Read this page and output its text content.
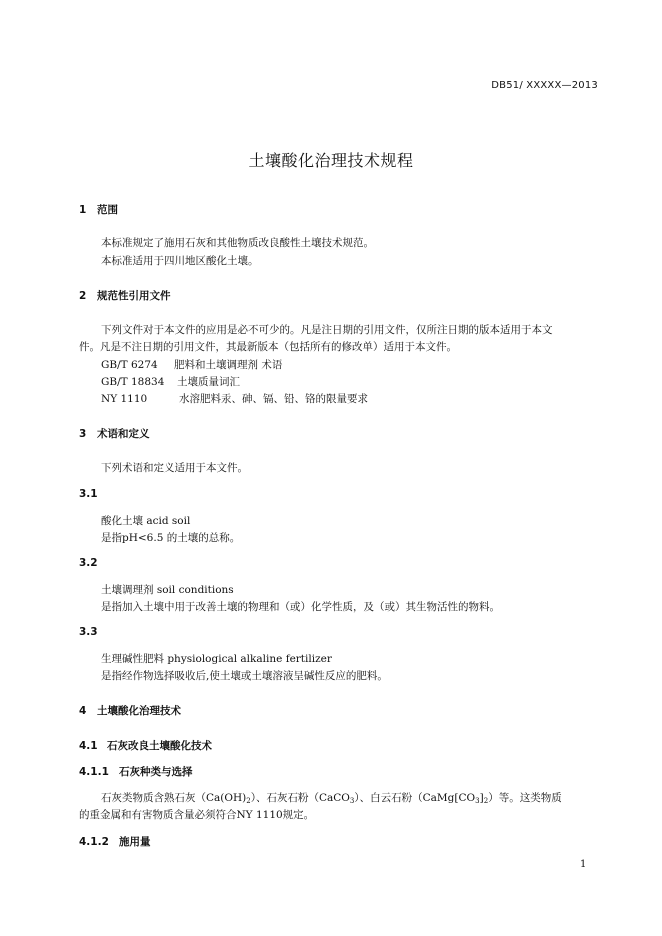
DB51/ XXXXX—2013
土壤酸化治理技术规程
1 范围
本标准规定了施用石灰和其他物质改良酸性土壤技术规范。
本标准适用于四川地区酸化土壤。
2 规范性引用文件
下列文件对于本文件的应用是必不可少的。凡是注日期的引用文件，仅所注日期的版本适用于本文
件。凡是不注日期的引用文件，其最新版本（包括所有的修改单）适用于本文件。
GB/T 6274 肥料和土壤调理剂 术语
GB/T 18834 土壤质量词汇
NY 1110	水溶肥料汞、砷、镉、铅、铬的限量要求
3 术语和定义
下列术语和定义适用于本文件。
3.1
酸化土壤 acid soil
是指pH<6.5 的土壤的总称。
3.2
土壤调理剂 soil conditions
是指加入土壤中用于改善土壤的物理和（或）化学性质，及（或）其生物活性的物料。
3.3
生理碱性肥料 physiological alkaline fertilizer
是指经作物选择吸收后,使土壤或土壤溶液呈碱性反应的肥料。
4 土壤酸化治理技术
4.1 石灰改良土壤酸化技术
4.1.1 石灰种类与选择
石灰类物质含熟石灰$(Ca(OH)_2)$、石灰石粉（CaCO$_3$）、白云石粉$(CaMg[CO_3]_2)$等。这类物质
的重金属和有害物质含量必须符合NY 1110规定。
4.1.2 施用量
1
